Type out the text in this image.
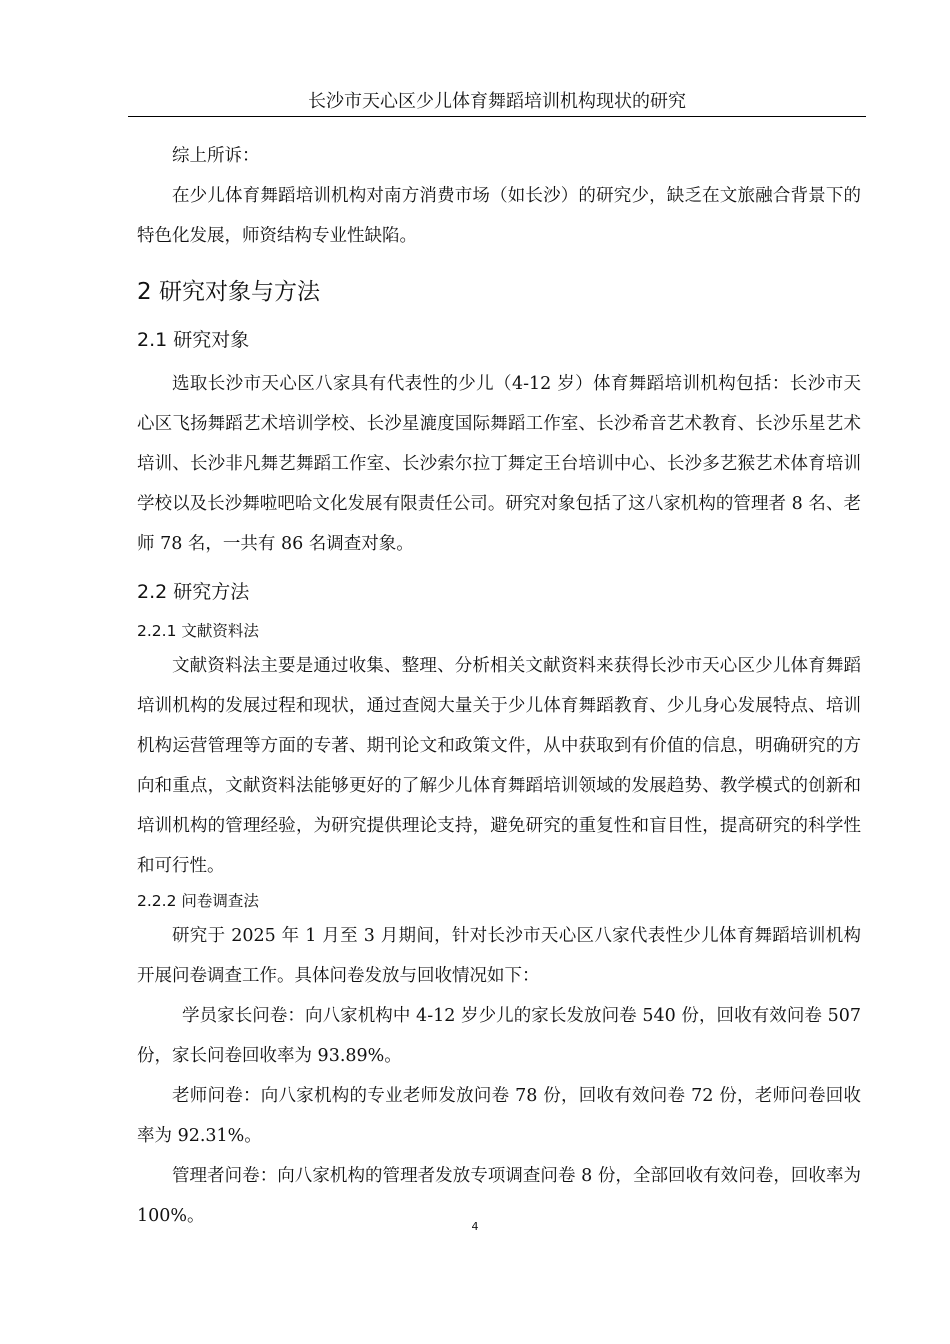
长沙市天心区少儿体育舞蹈培训机构现状的研究

综上所诉：

在少儿体育舞蹈培训机构对南方消费市场（如长沙）的研究少，缺乏在文旅融合背景下的特色化发展，师资结构专业性缺陷。

2 研究对象与方法
2.1 研究对象

选取长沙市天心区八家具有代表性的少儿（4-12 岁）体育舞蹈培训机构包括：长沙市天心区飞扬舞蹈艺术培训学校、长沙星漉度国际舞蹈工作室、长沙希音艺术教育、长沙乐星艺术培训、长沙非凡舞艺舞蹈工作室、长沙索尔拉丁舞定王台培训中心、长沙多艺猴艺术体育培训学校以及长沙舞啦吧哈文化发展有限责任公司。研究对象包括了这八家机构的管理者 8 名、老师 78 名，一共有 86 名调查对象。

2.2 研究方法
2.2.1 文献资料法

文献资料法主要是通过收集、整理、分析相关文献资料来获得长沙市天心区少儿体育舞蹈培训机构的发展过程和现状，通过查阅大量关于少儿体育舞蹈教育、少儿身心发展特点、培训机构运营管理等方面的专著、期刊论文和政策文件，从中获取到有价值的信息，明确研究的方向和重点，文献资料法能够更好的了解少儿体育舞蹈培训领域的发展趋势、教学模式的创新和培训机构的管理经验，为研究提供理论支持，避免研究的重复性和盲目性，提高研究的科学性和可行性。

2.2.2 问卷调查法

研究于 2025 年 1 月至 3 月期间，针对长沙市天心区八家代表性少儿体育舞蹈培训机构开展问卷调查工作。具体问卷发放与回收情况如下：

学员家长问卷：向八家机构中 4-12 岁少儿的家长发放问卷 540 份，回收有效问卷 507 份，家长问卷回收率为 93.89%。

老师问卷：向八家机构的专业老师发放问卷 78 份，回收有效问卷 72 份，老师问卷回收率为 92.31%。

管理者问卷：向八家机构的管理者发放专项调查问卷 8 份，全部回收有效问卷，回收率为 100%。

4
